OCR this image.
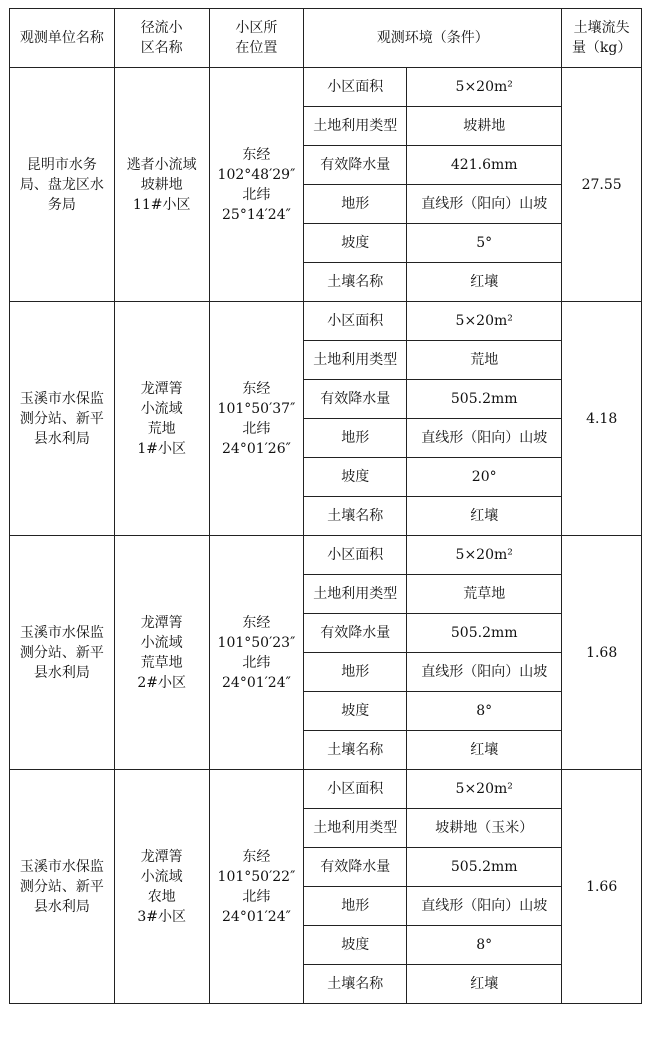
观测单位名称	径流小
区名称	小区所
在位置	观测环境（条件）		土壤流失
量（kg）
昆明市水务
局、盘龙区水
务局	逃者小流域
坡耕地
11#小区	东经
102°48′29″
北纬
25°14′24″	小区面积	5×20m²	27.55
			土地利用类型	坡耕地	
			有效降水量	421.6mm	
			地形	直线形（阳向）山坡	
			坡度	5°	
			土壤名称	红壤	
玉溪市水保监
测分站、新平
县水利局	龙潭箐
小流域
荒地
1#小区	东经
101°50′37″
北纬
24°01′26″	小区面积	5×20m²	4.18
			土地利用类型	荒地	
			有效降水量	505.2mm	
			地形	直线形（阳向）山坡	
			坡度	20°	
			土壤名称	红壤	
玉溪市水保监
测分站、新平
县水利局	龙潭箐
小流域
荒草地
2#小区	东经
101°50′23″
北纬
24°01′24″	小区面积	5×20m²	1.68
			土地利用类型	荒草地	
			有效降水量	505.2mm	
			地形	直线形（阳向）山坡	
			坡度	8°	
			土壤名称	红壤	
玉溪市水保监
测分站、新平
县水利局	龙潭箐
小流域
农地
3#小区	东经
101°50′22″
北纬
24°01′24″	小区面积	5×20m²	1.66
			土地利用类型	坡耕地（玉米）	
			有效降水量	505.2mm	
			地形	直线形（阳向）山坡	
			坡度	8°	
			土壤名称	红壤	
